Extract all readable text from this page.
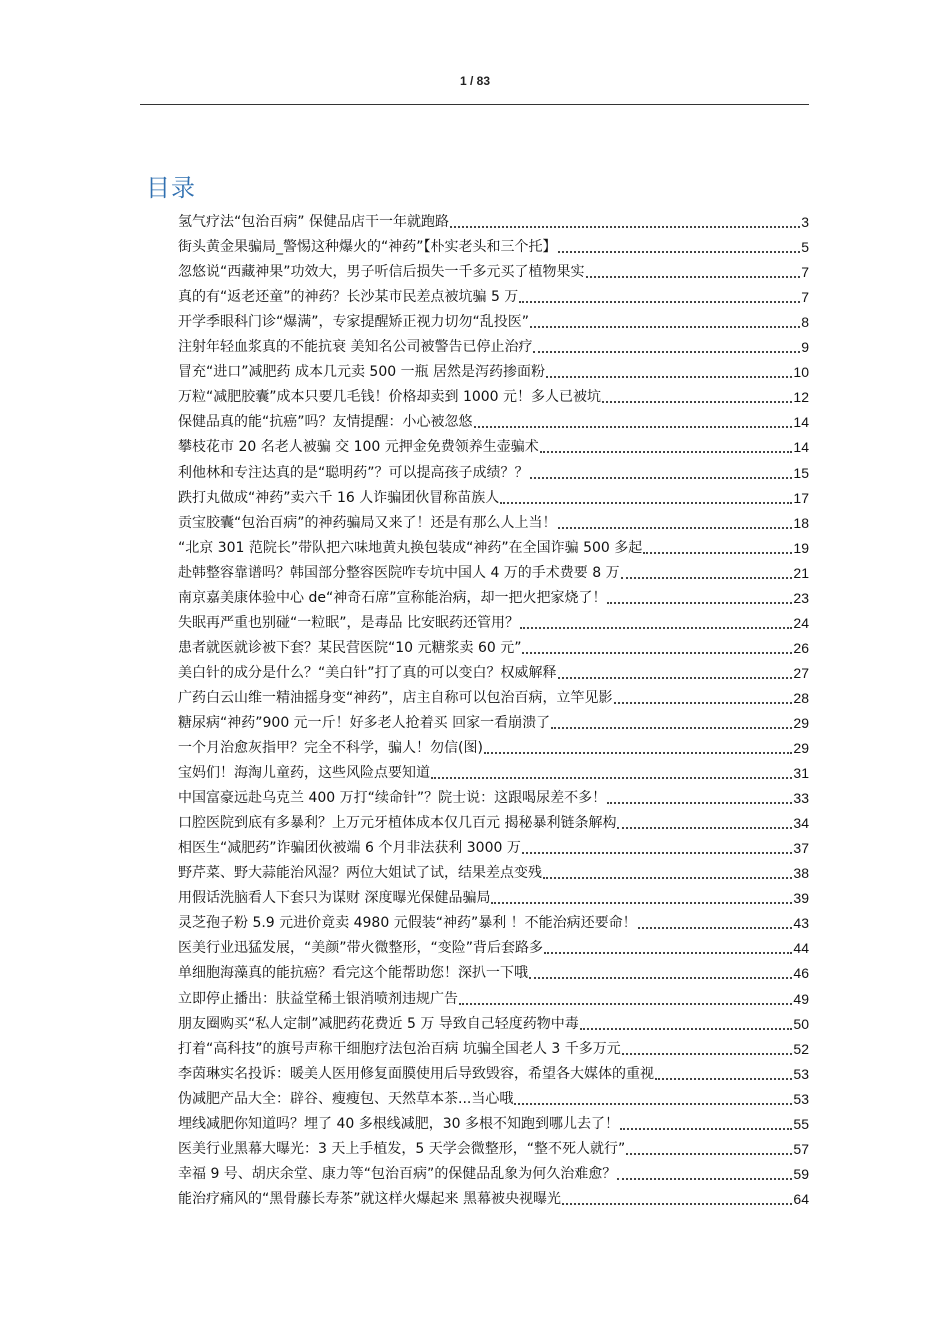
1 / 83
目录
氢气疗法“包治百病” 保健品店干一年就跑路	3
街头黄金果骗局_警惕这种爆火的“神药”【朴实老头和三个托】	5
忽悠说“西藏神果”功效大，男子听信后损失一千多元买了植物果实	7
真的有“返老还童”的神药？长沙某市民差点被坑骗 5 万	7
开学季眼科门诊“爆满”，专家提醒矫正视力切勿“乱投医”	8
注射年轻血浆真的不能抗衰 美知名公司被警告已停止治疗	9
冒充“进口”减肥药 成本几元卖 500 一瓶 居然是泻药掺面粉	10
万粒“减肥胶囊”成本只要几毛钱！价格却卖到 1000 元！多人已被坑	12
保健品真的能“抗癌”吗？友情提醒：小心被忽悠	14
攀枝花市 20 名老人被骗 交 100 元押金免费领养生壶骗术	14
利他林和专注达真的是“聪明药”？可以提高孩子成绩？？	15
跌打丸做成“神药”卖六千 16 人诈骗团伙冒称苗族人	17
贡宝胶囊“包治百病”的神药骗局又来了！还是有那么人上当！	18
“北京 301 范院长”带队把六味地黄丸换包装成“神药”在全国诈骗 500 多起	19
赴韩整容靠谱吗？韩国部分整容医院咋专坑中国人 4 万的手术费要 8 万	21
南京嘉美康体验中心 de“神奇石席”宣称能治病，却一把火把家烧了！	23
失眠再严重也别碰“一粒眠”，是毒品 比安眠药还管用？	24
患者就医就诊被下套？某民营医院“10 元糖浆卖 60 元”	26
美白针的成分是什么？“美白针”打了真的可以变白？权威解释	27
广药白云山维一精油摇身变“神药”，店主自称可以包治百病，立竿见影	28
糖尿病“神药”900 元一斤！好多老人抢着买 回家一看崩溃了	29
一个月治愈灰指甲？完全不科学，骗人！勿信(图)	29
宝妈们！海淘儿童药，这些风险点要知道	31
中国富豪远赴乌克兰 400 万打“续命针”？院士说：这跟喝尿差不多！	33
口腔医院到底有多暴利？上万元牙植体成本仅几百元 揭秘暴利链条解构	34
相医生“减肥药”诈骗团伙被端 6 个月非法获利 3000 万	37
野芹菜、野大蒜能治风湿？两位大姐试了试，结果差点变残	38
用假话洗脑看人下套只为谋财 深度曝光保健品骗局	39
灵芝孢子粉 5.9 元进价竟卖 4980 元假装“神药”暴利 ！不能治病还要命！	43
医美行业迅猛发展，“美颜”带火微整形，“变险”背后套路多	44
单细胞海藻真的能抗癌？看完这个能帮助您！深扒一下哦	46
立即停止播出：肤益堂稀土银消喷剂违规广告	49
朋友圈购买“私人定制”减肥药花费近 5 万 导致自己轻度药物中毒	50
打着“高科技”的旗号声称干细胞疗法包治百病 坑骗全国老人 3 千多万元	52
李茵琳实名投诉：暖美人医用修复面膜使用后导致毁容，希望各大媒体的重视	53
伪减肥产品大全：辟谷、瘦瘦包、天然草本茶...当心哦	53
埋线减肥你知道吗？埋了 40 多根线减肥，30 多根不知跑到哪儿去了！	55
医美行业黑幕大曝光：3 天上手植发，5 天学会微整形，“整不死人就行”	57
幸福 9 号、胡庆余堂、康力等“包治百病”的保健品乱象为何久治难愈？	59
能治疗痛风的“黑骨藤长寿茶”就这样火爆起来 黑幕被央视曝光	64
